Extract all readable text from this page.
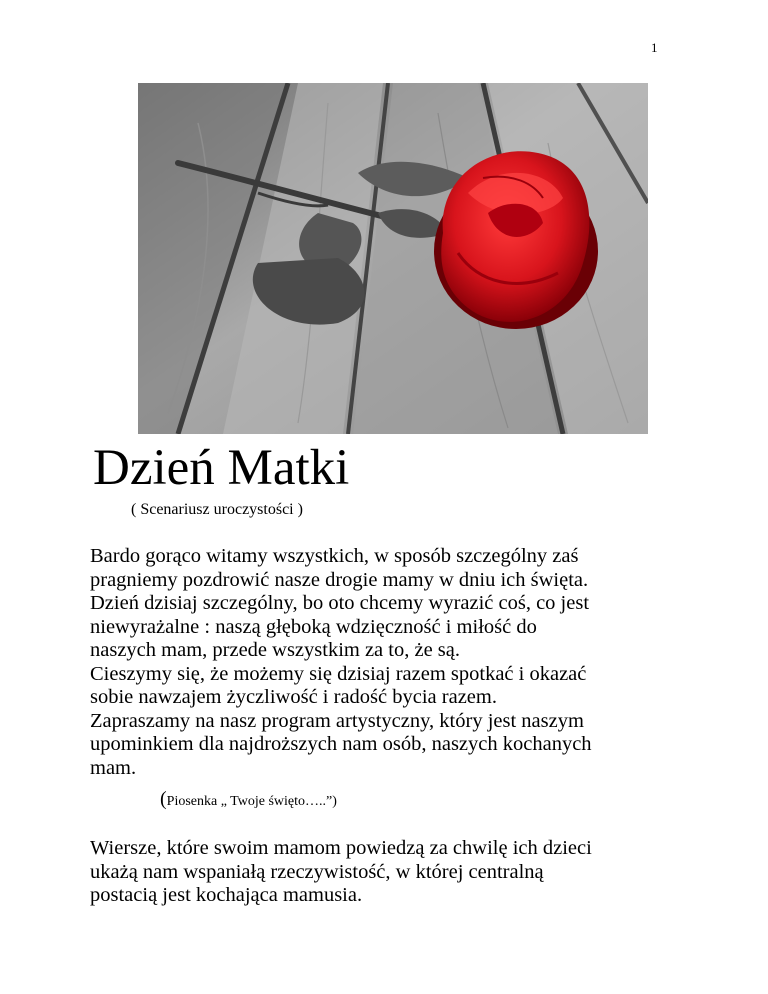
1
Dzień Matki
( Scenariusz uroczystości )

Bardo gorąco witamy wszystkich, w sposób szczególny zaś
pragniemy pozdrowić nasze drogie mamy w dniu ich święta.
Dzień dzisiaj szczególny, bo oto chcemy wyrazić coś, co jest
niewyrażalne : naszą głęboką wdzięczność i miłość do
naszych mam, przede wszystkim za to, że są.
Cieszymy się, że możemy się dzisiaj razem spotkać i okazać
sobie nawzajem życzliwość i radość bycia razem.
Zapraszamy na nasz program artystyczny, który jest naszym
upominkiem dla najdroższych nam osób, naszych kochanych
mam.

(Piosenka „ Twoje święto…..”)

Wiersze, które swoim mamom powiedzą za chwilę ich dzieci
ukażą nam wspaniałą rzeczywistość, w której centralną
postacią jest kochająca mamusia.
